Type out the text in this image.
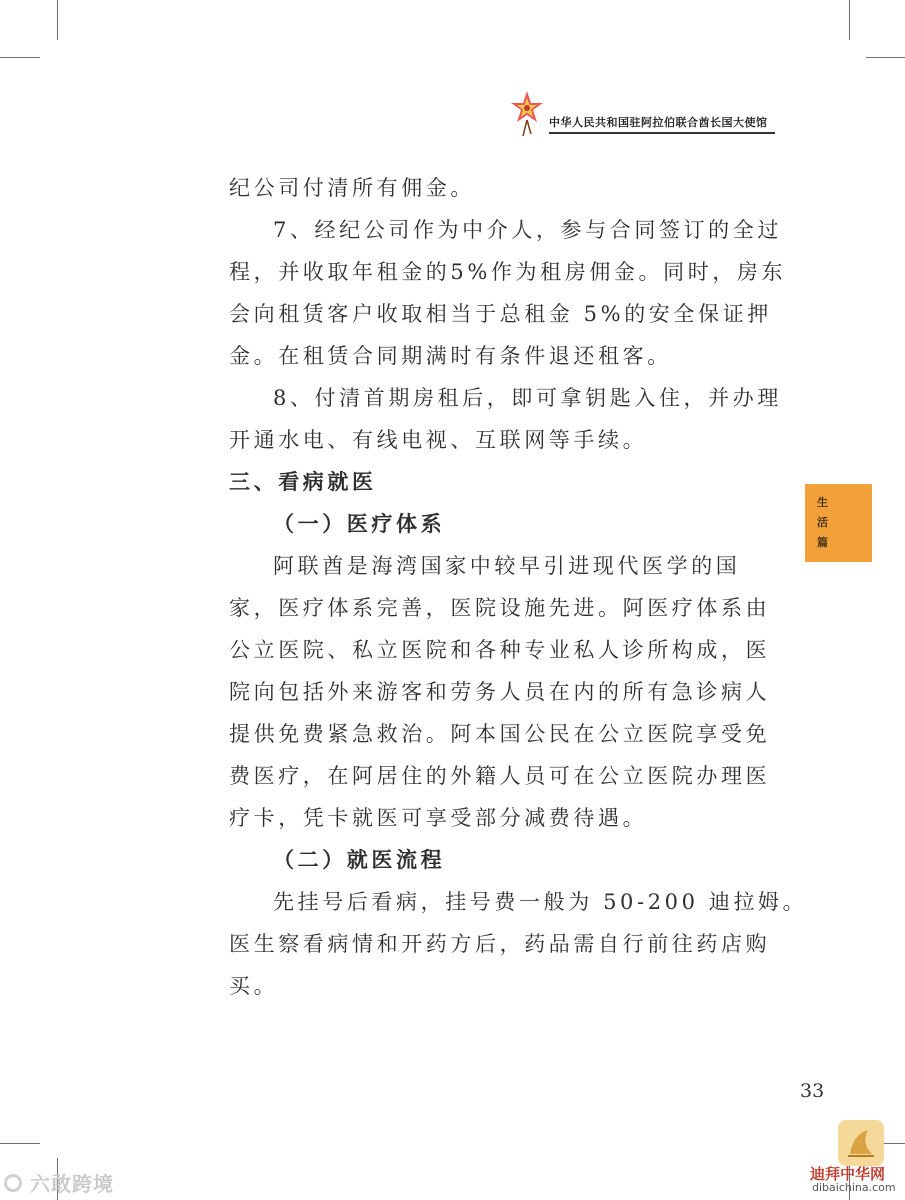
中华人民共和国驻阿拉伯联合酋长国大使馆
纪公司付清所有佣金。
7、经纪公司作为中介人，参与合同签订的全过
程，并收取年租金的5%作为租房佣金。同时，房东
会向租赁客户收取相当于总租金 5%的安全保证押
金。在租赁合同期满时有条件退还租客。
8、付清首期房租后，即可拿钥匙入住，并办理
开通水电、有线电视、互联网等手续。
三、看病就医
（一）医疗体系
阿联酋是海湾国家中较早引进现代医学的国
家，医疗体系完善，医院设施先进。阿医疗体系由
公立医院、私立医院和各种专业私人诊所构成，医
院向包括外来游客和劳务人员在内的所有急诊病人
提供免费紧急救治。阿本国公民在公立医院享受免
费医疗，在阿居住的外籍人员可在公立医院办理医
疗卡，凭卡就医可享受部分减费待遇。
（二）就医流程
先挂号后看病，挂号费一般为 50-200 迪拉姆。
医生察看病情和开药方后，药品需自行前往药店购
买。
生
活
篇
33
六敢跨境	迪拜中华网
dibaichina.com
